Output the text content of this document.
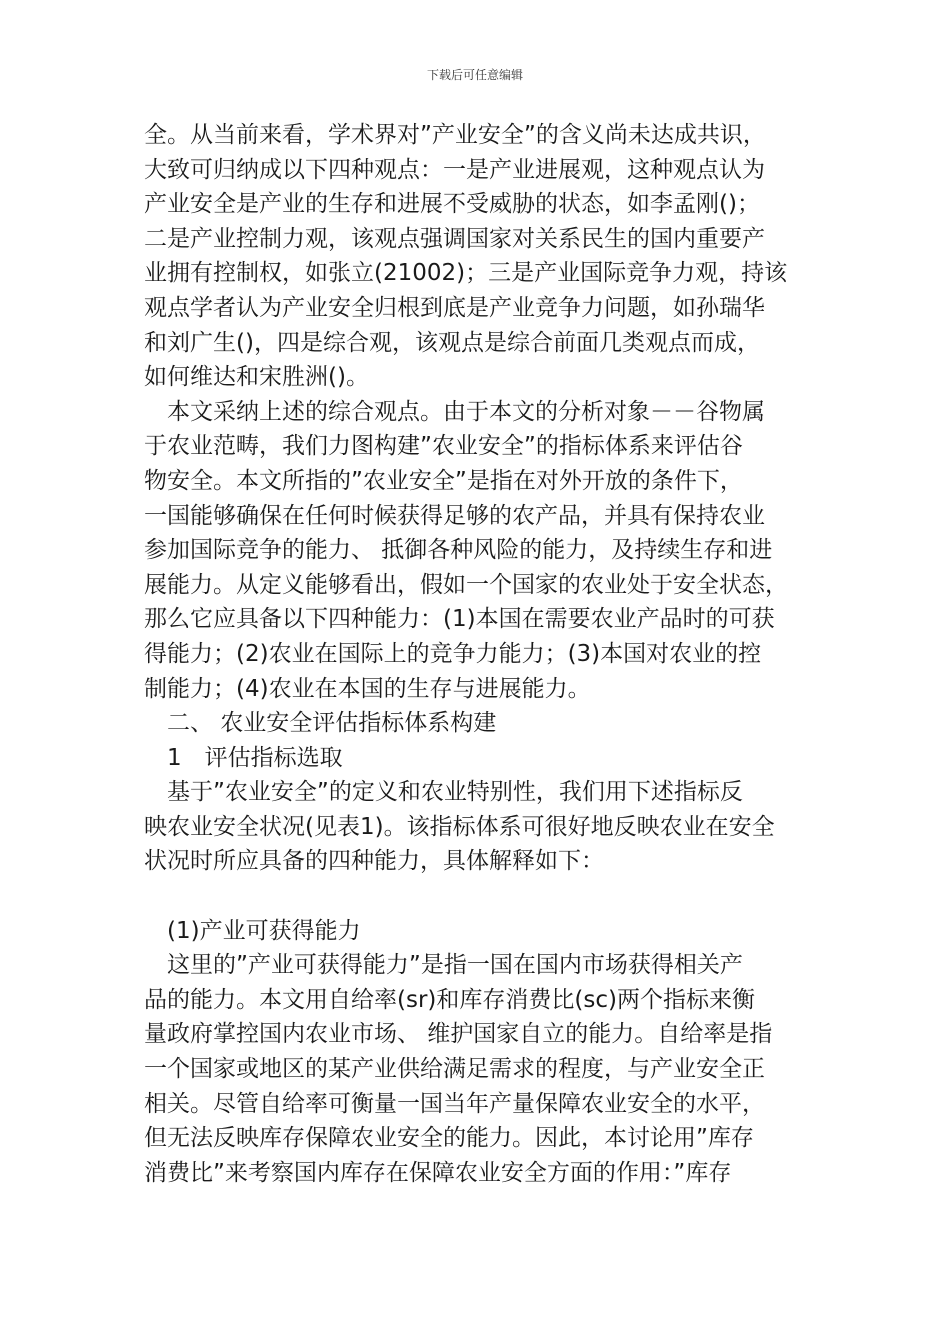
下载后可任意编辑
全。从当前来看，学术界对”产业安全”的含义尚未达成共识，
大致可归纳成以下四种观点：一是产业进展观，这种观点认为
产业安全是产业的生存和进展不受威胁的状态，如李孟刚()；
二是产业控制力观，该观点强调国家对关系民生的国内重要产
业拥有控制权，如张立(21002)；三是产业国际竞争力观，持该
观点学者认为产业安全归根到底是产业竞争力问题，如孙瑞华
和刘广生()，四是综合观，该观点是综合前面几类观点而成，
如何维达和宋胜洲()。
本文采纳上述的综合观点。由于本文的分析对象－－谷物属
于农业范畴，我们力图构建”农业安全”的指标体系来评估谷
物安全。本文所指的”农业安全”是指在对外开放的条件下，
一国能够确保在任何时候获得足够的农产品，并具有保持农业
参加国际竞争的能力、 抵御各种风险的能力，及持续生存和进
展能力。从定义能够看出，假如一个国家的农业处于安全状态，
那么它应具备以下四种能力：(1)本国在需要农业产品时的可获
得能力；(2)农业在国际上的竞争力能力；(3)本国对农业的控
制能力；(4)农业在本国的生存与进展能力。
二、 农业安全评估指标体系构建
1　评估指标选取
基于”农业安全”的定义和农业特别性，我们用下述指标反
映农业安全状况(见表1)。该指标体系可很好地反映农业在安全
状况时所应具备的四种能力，具体解释如下：
(1)产业可获得能力
这里的”产业可获得能力”是指一国在国内市场获得相关产
品的能力。本文用自给率(sr)和库存消费比(sc)两个指标来衡
量政府掌控国内农业市场、 维护国家自立的能力。自给率是指
一个国家或地区的某产业供给满足需求的程度，与产业安全正
相关。尽管自给率可衡量一国当年产量保障农业安全的水平，
但无法反映库存保障农业安全的能力。因此，本讨论用”库存
消费比”来考察国内库存在保障农业安全方面的作用：”库存
